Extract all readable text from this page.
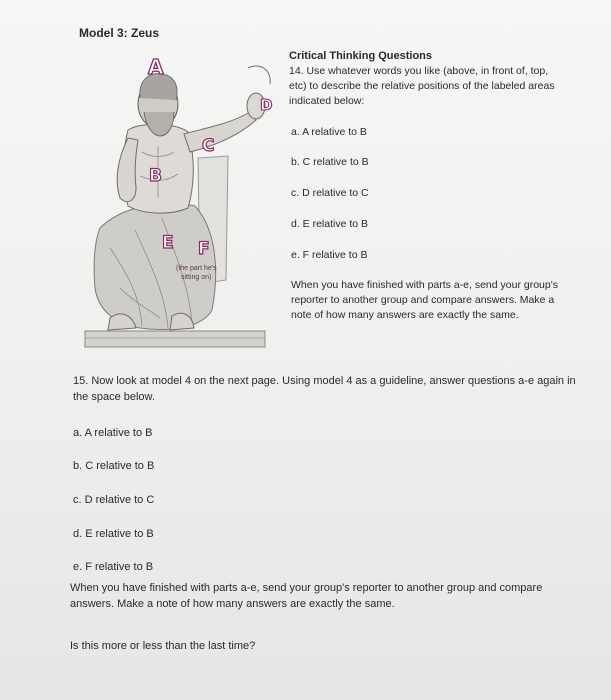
Model 3: Zeus
A
B
C
D
E F
(the part he's
sitting on)
Critical Thinking Questions
14. Use whatever words you like (above, in front of, top, etc) to describe the relative positions of the labeled areas indicated below:
a. A relative to B
b. C relative to B
c. D relative to C
d. E relative to B
e. F relative to B
When you have finished with parts a-e, send your group's reporter to another group and compare answers. Make a note of how many answers are exactly the same.
15. Now look at model 4 on the next page. Using model 4 as a guideline, answer questions a-e again in the space below.
a. A relative to B
b. C relative to B
c. D relative to C
d. E relative to B
e. F relative to B
When you have finished with parts a-e, send your group's reporter to another group and compare answers. Make a note of how many answers are exactly the same.
Is this more or less than the last time?
